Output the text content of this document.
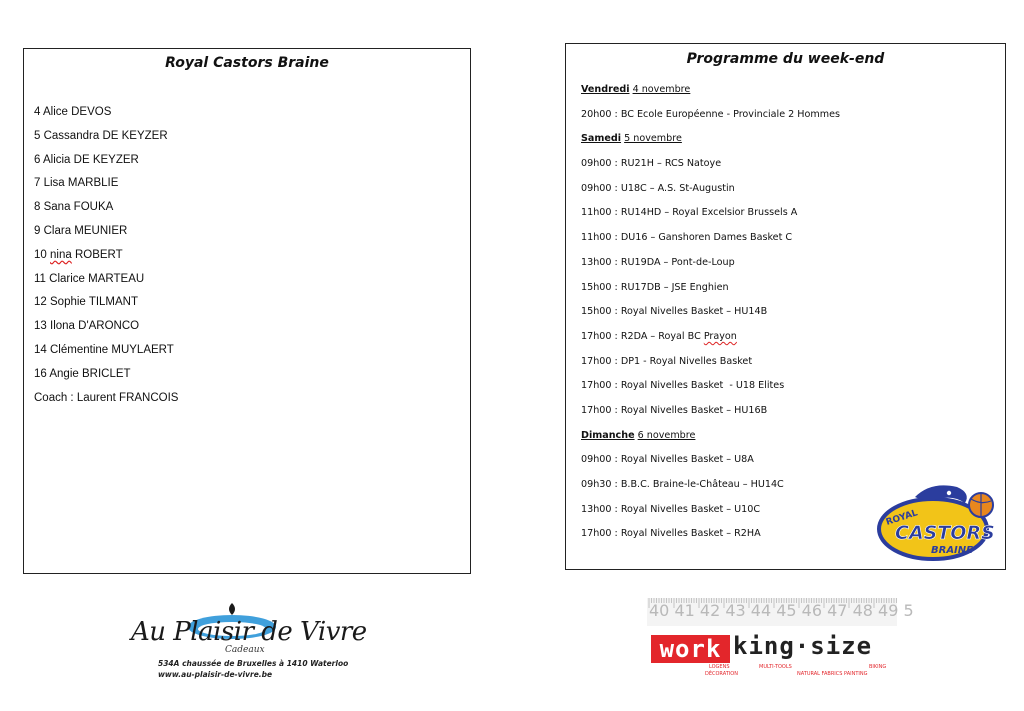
Royal Castors Braine
4 Alice DEVOS
5 Cassandra DE KEYZER
6 Alicia DE KEYZER
7 Lisa MARBLIE
8 Sana FOUKA
9 Clara MEUNIER
10 nina ROBERT
11 Clarice MARTEAU
12 Sophie TILMANT
13 Ilona D'ARONCO
14 Clémentine MUYLAERT
16 Angie BRICLET
Coach : Laurent FRANCOIS
Programme du week-end
Vendredi 4 novembre
20h00 : BC Ecole Européenne - Provinciale 2 Hommes
Samedi 5 novembre
09h00 : RU21H – RCS Natoye
09h00 : U18C – A.S. St-Augustin
11h00 : RU14HD – Royal Excelsior Brussels A
11h00 : DU16 – Ganshoren Dames Basket C
13h00 : RU19DA – Pont-de-Loup
15h00 : RU17DB – JSE Enghien
15h00 : Royal Nivelles Basket – HU14B
17h00 : R2DA – Royal BC Prayon
17h00 : DP1 - Royal Nivelles Basket
17h00 : Royal Nivelles Basket  - U18 Elites
17h00 : Royal Nivelles Basket – HU16B
Dimanche 6 novembre
09h00 : Royal Nivelles Basket – U8A
09h30 : B.B.C. Braine-le-Château – HU14C
13h00 : Royal Nivelles Basket – U10C
17h00 : Royal Nivelles Basket – R2HA
ROYAL
CASTORS
BRAINE
Au Plaisir de Vivre
Cadeaux
534A chaussée de Bruxelles à 1410 Waterloo
www.au-plaisir-de-vivre.be
40 41 42 43 44 45 46 47 48 49 5
work king·size
LOGENS
DÉCORATION
MULTI-TOOLS
NATURAL FABRICS PAINTING
BIKING
